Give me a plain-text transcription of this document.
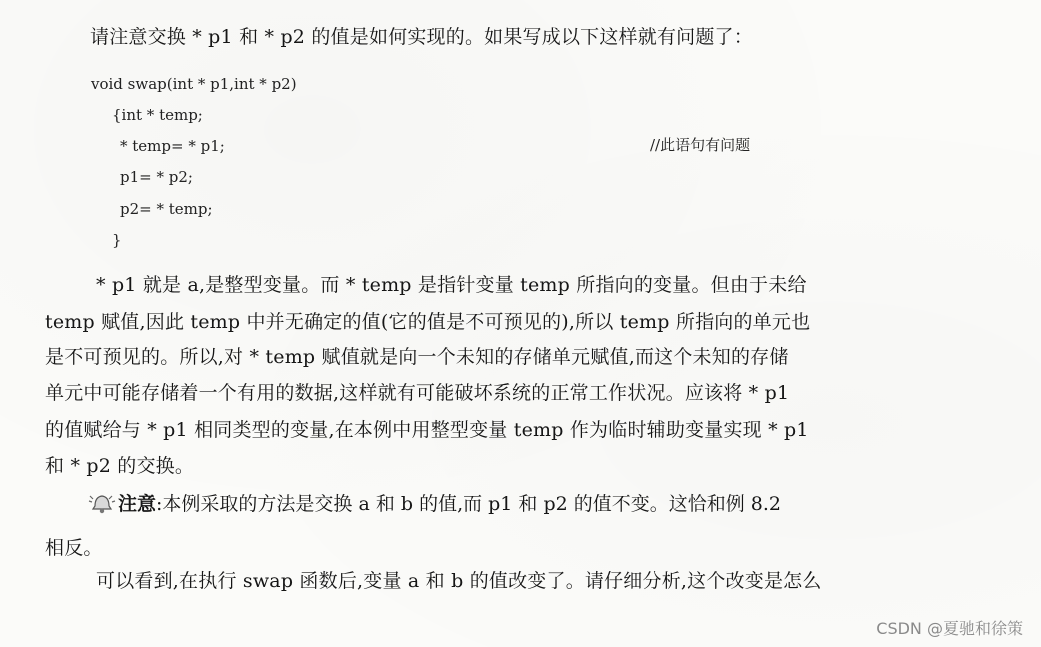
请注意交换 * p1 和 * p2 的值是如何实现的。如果写成以下这样就有问题了：
void swap(int * p1,int * p2)
{int * temp;
* temp= * p1;	//此语句有问题
p1= * p2;
p2= * temp;
}
* p1 就是 a,是整型变量。而 * temp 是指针变量 temp 所指向的变量。但由于未给
temp 赋值,因此 temp 中并无确定的值(它的值是不可预见的),所以 temp 所指向的单元也
是不可预见的。所以,对 * temp 赋值就是向一个未知的存储单元赋值,而这个未知的存储
单元中可能存储着一个有用的数据,这样就有可能破坏系统的正常工作状况。应该将 * p1
的值赋给与 * p1 相同类型的变量,在本例中用整型变量 temp 作为临时辅助变量实现 * p1
和 * p2 的交换。
注意:本例采取的方法是交换 a 和 b 的值,而 p1 和 p2 的值不变。这恰和例 8.2
相反。
可以看到,在执行 swap 函数后,变量 a 和 b 的值改变了。请仔细分析,这个改变是怎么
CSDN @夏驰和徐策
